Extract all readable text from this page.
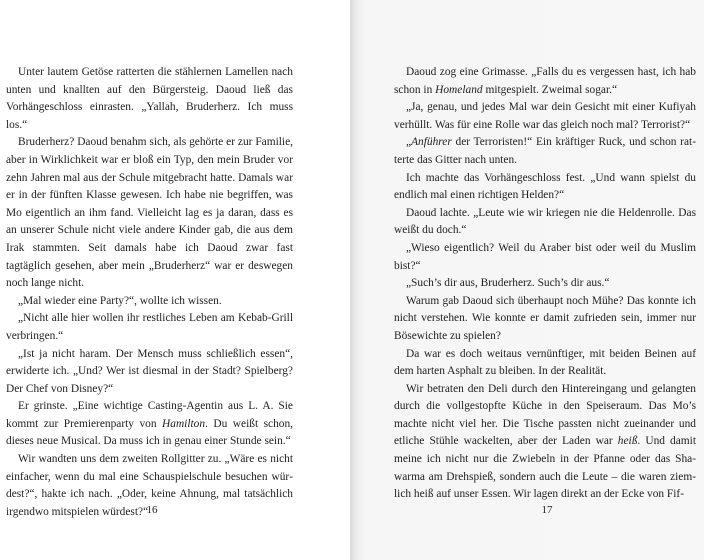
Unter lautem Getöse ratterten die stählernen Lamellen nach unten und knallten auf den Bürgersteig. Daoud ließ das Vorhängeschloss einrasten. „Yallah, Bruderherz. Ich muss los.“

Bruderherz? Daoud benahm sich, als gehörte er zur Familie, aber in Wirklichkeit war er bloß ein Typ, den mein Bruder vor zehn Jahren mal aus der Schule mitgebracht hatte. Damals war er in der fünften Klasse gewesen. Ich habe nie begriffen, was Mo eigentlich an ihm fand. Vielleicht lag es ja daran, dass es an unserer Schule nicht viele andere Kinder gab, die aus dem Irak stammten. Seit damals habe ich Daoud zwar fast tagtäglich gesehen, aber mein „Bruderherz“ war er deswegen noch lange nicht.

„Mal wieder eine Party?“, wollte ich wissen.

„Nicht alle hier wollen ihr restliches Leben am Kebab-Grill verbringen.“

„Ist ja nicht haram. Der Mensch muss schließlich essen“, erwiderte ich. „Und? Wer ist diesmal in der Stadt? Spielberg? Der Chef von Disney?“

Er grinste. „Eine wichtige Casting-Agentin aus L. A. Sie kommt zur Premierenparty von Hamilton. Du weißt schon, dieses neue Musical. Da muss ich in genau einer Stunde sein.“

Wir wandten uns dem zweiten Rollgitter zu. „Wäre es nicht einfacher, wenn du mal eine Schauspielschule besuchen würdest?“, hakte ich nach. „Oder, keine Ahnung, mal tatsächlich irgendwo mitspielen würdest?“

16

Daoud zog eine Grimasse. „Falls du es vergessen hast, ich hab schon in Homeland mitgespielt. Zweimal sogar.“

„Ja, genau, und jedes Mal war dein Gesicht mit einer Kufiyah verhüllt. Was für eine Rolle war das gleich noch mal? Terrorist?“

„Anführer der Terroristen!“ Ein kräftiger Ruck, und schon ratterte das Gitter nach unten.

Ich machte das Vorhängeschloss fest. „Und wann spielst du endlich mal einen richtigen Helden?“

Daoud lachte. „Leute wie wir kriegen nie die Heldenrolle. Das weißt du doch.“

„Wieso eigentlich? Weil du Araber bist oder weil du Muslim bist?“

„Such’s dir aus, Bruderherz. Such’s dir aus.“

Warum gab Daoud sich überhaupt noch Mühe? Das konnte ich nicht verstehen. Wie konnte er damit zufrieden sein, immer nur Bösewichte zu spielen?

Da war es doch weitaus vernünftiger, mit beiden Beinen auf dem harten Asphalt zu bleiben. In der Realität.

Wir betraten den Deli durch den Hintereingang und gelangten durch die vollgestopfte Küche in den Speiseraum. Das Mo’s machte nicht viel her. Die Tische passten nicht zueinander und etliche Stühle wackelten, aber der Laden war heiß. Und damit meine ich nicht nur die Zwiebeln in der Pfanne oder das Shawarma am Drehspieß, sondern auch die Leute – die waren ziemlich heiß auf unser Essen. Wir lagen direkt an der Ecke von Fif-

17
